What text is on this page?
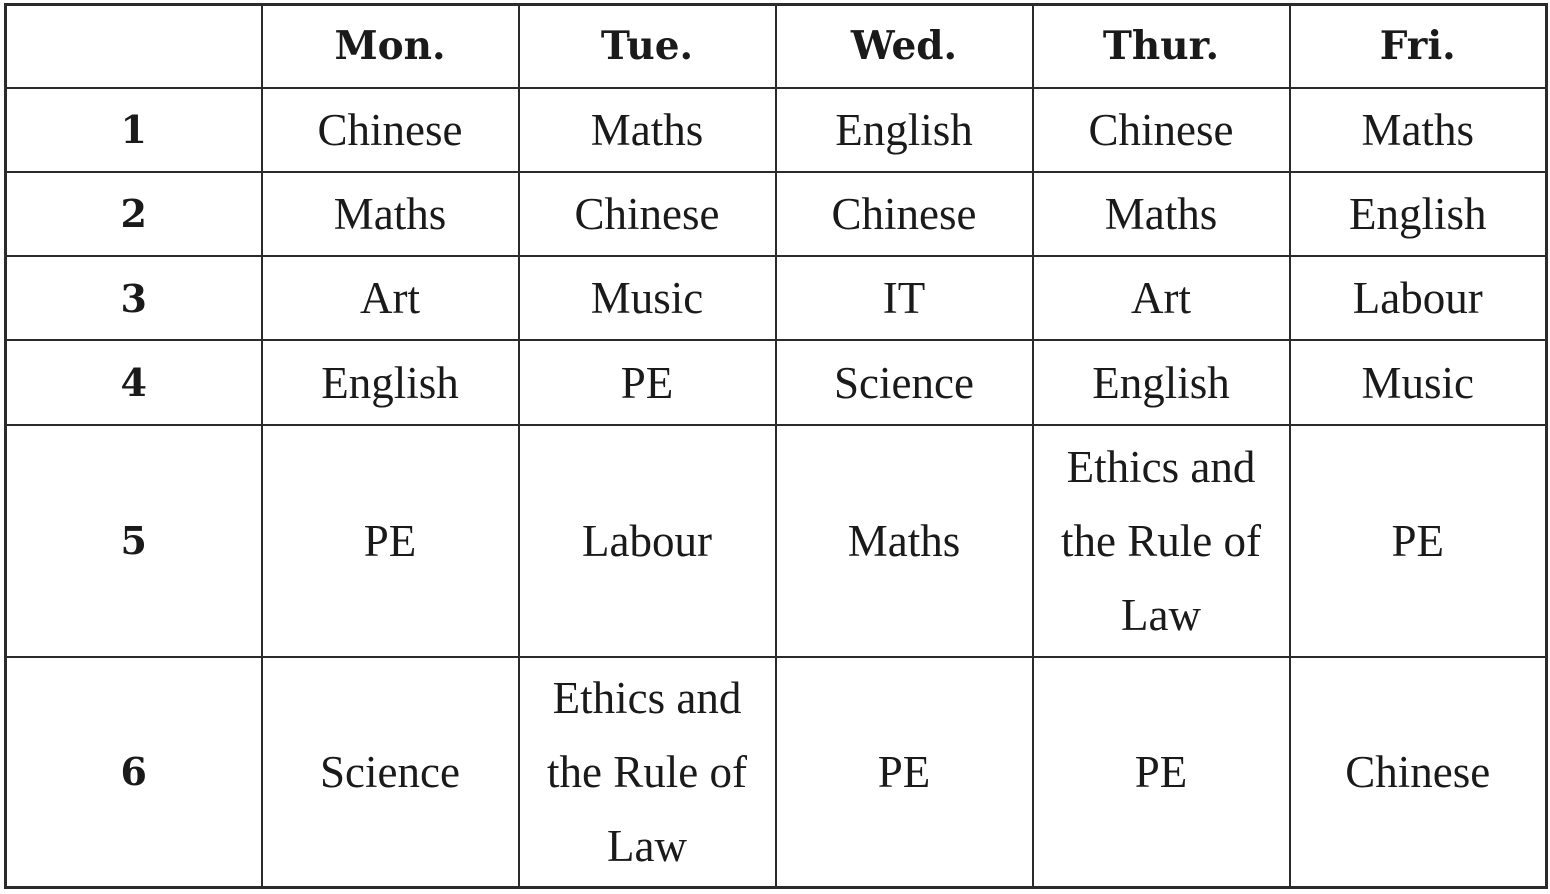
	Mon.	Tue.	Wed.	Thur.	Fri.
1	Chinese	Maths	English	Chinese	Maths
2	Maths	Chinese	Chinese	Maths	English
3	Art	Music	IT	Art	Labour
4	English	PE	Science	English	Music
5	PE	Labour	Maths	Ethics and the Rule of Law	PE
6	Science	Ethics and the Rule of Law	PE	PE	Chinese
